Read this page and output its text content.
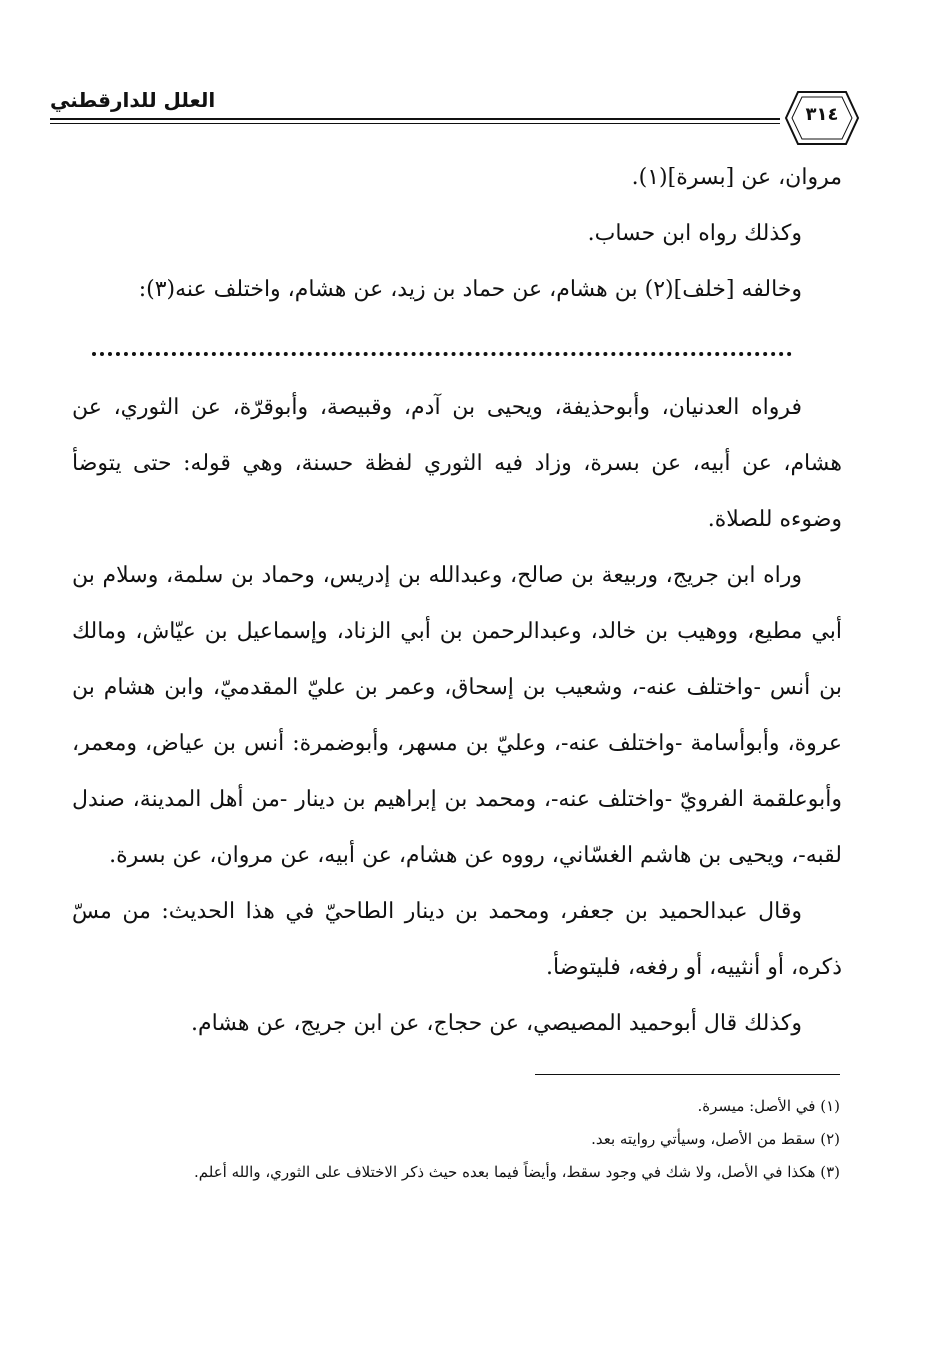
العلل للدارقطني
٣١٤

مروان، عن [بسرة](١).

وكذلك رواه ابن حساب.

وخالفه [خلف](٢) بن هشام، عن حماد بن زيد، عن هشام، واختلف عنه(٣):

فرواه العدنيان، وأبوحذيفة، ويحيى بن آدم، وقبيصة، وأبوقرّة، عن الثوري، عن هشام، عن أبيه، عن بسرة، وزاد فيه الثوري لفظة حسنة، وهي قوله: حتى يتوضأ وضوءه للصلاة.

وراه ابن جريج، وربيعة بن صالح، وعبدالله بن إدريس، وحماد بن سلمة، وسلام بن أبي مطيع، ووهيب بن خالد، وعبدالرحمن بن أبي الزناد، وإسماعيل بن عيّاش، ومالك بن أنس -واختلف عنه-، وشعيب بن إسحاق، وعمر بن عليّ المقدميّ، وابن هشام بن عروة، وأبوأسامة -واختلف عنه-، وعليّ بن مسهر، وأبوضمرة: أنس بن عياض، ومعمر، وأبوعلقمة الفرويّ -واختلف عنه-، ومحمد بن إبراهيم بن دينار -من أهل المدينة، صندل لقبه-، ويحيى بن هاشم الغسّاني، رووه عن هشام، عن أبيه، عن مروان، عن بسرة.

وقال عبدالحميد بن جعفر، ومحمد بن دينار الطاحيّ في هذا الحديث: من مسّ ذكره، أو أنثييه، أو رفغه، فليتوضأ.

وكذلك قال أبوحميد المصيصي، عن حجاج، عن ابن جريج، عن هشام.

(١) في الأصل: ميسرة.

(٢) سقط من الأصل، وسيأتي روايته بعد.

(٣) هكذا في الأصل، ولا شك في وجود سقط، وأيضاً فيما بعده حيث ذكر الاختلاف على الثوري، والله أعلم.
